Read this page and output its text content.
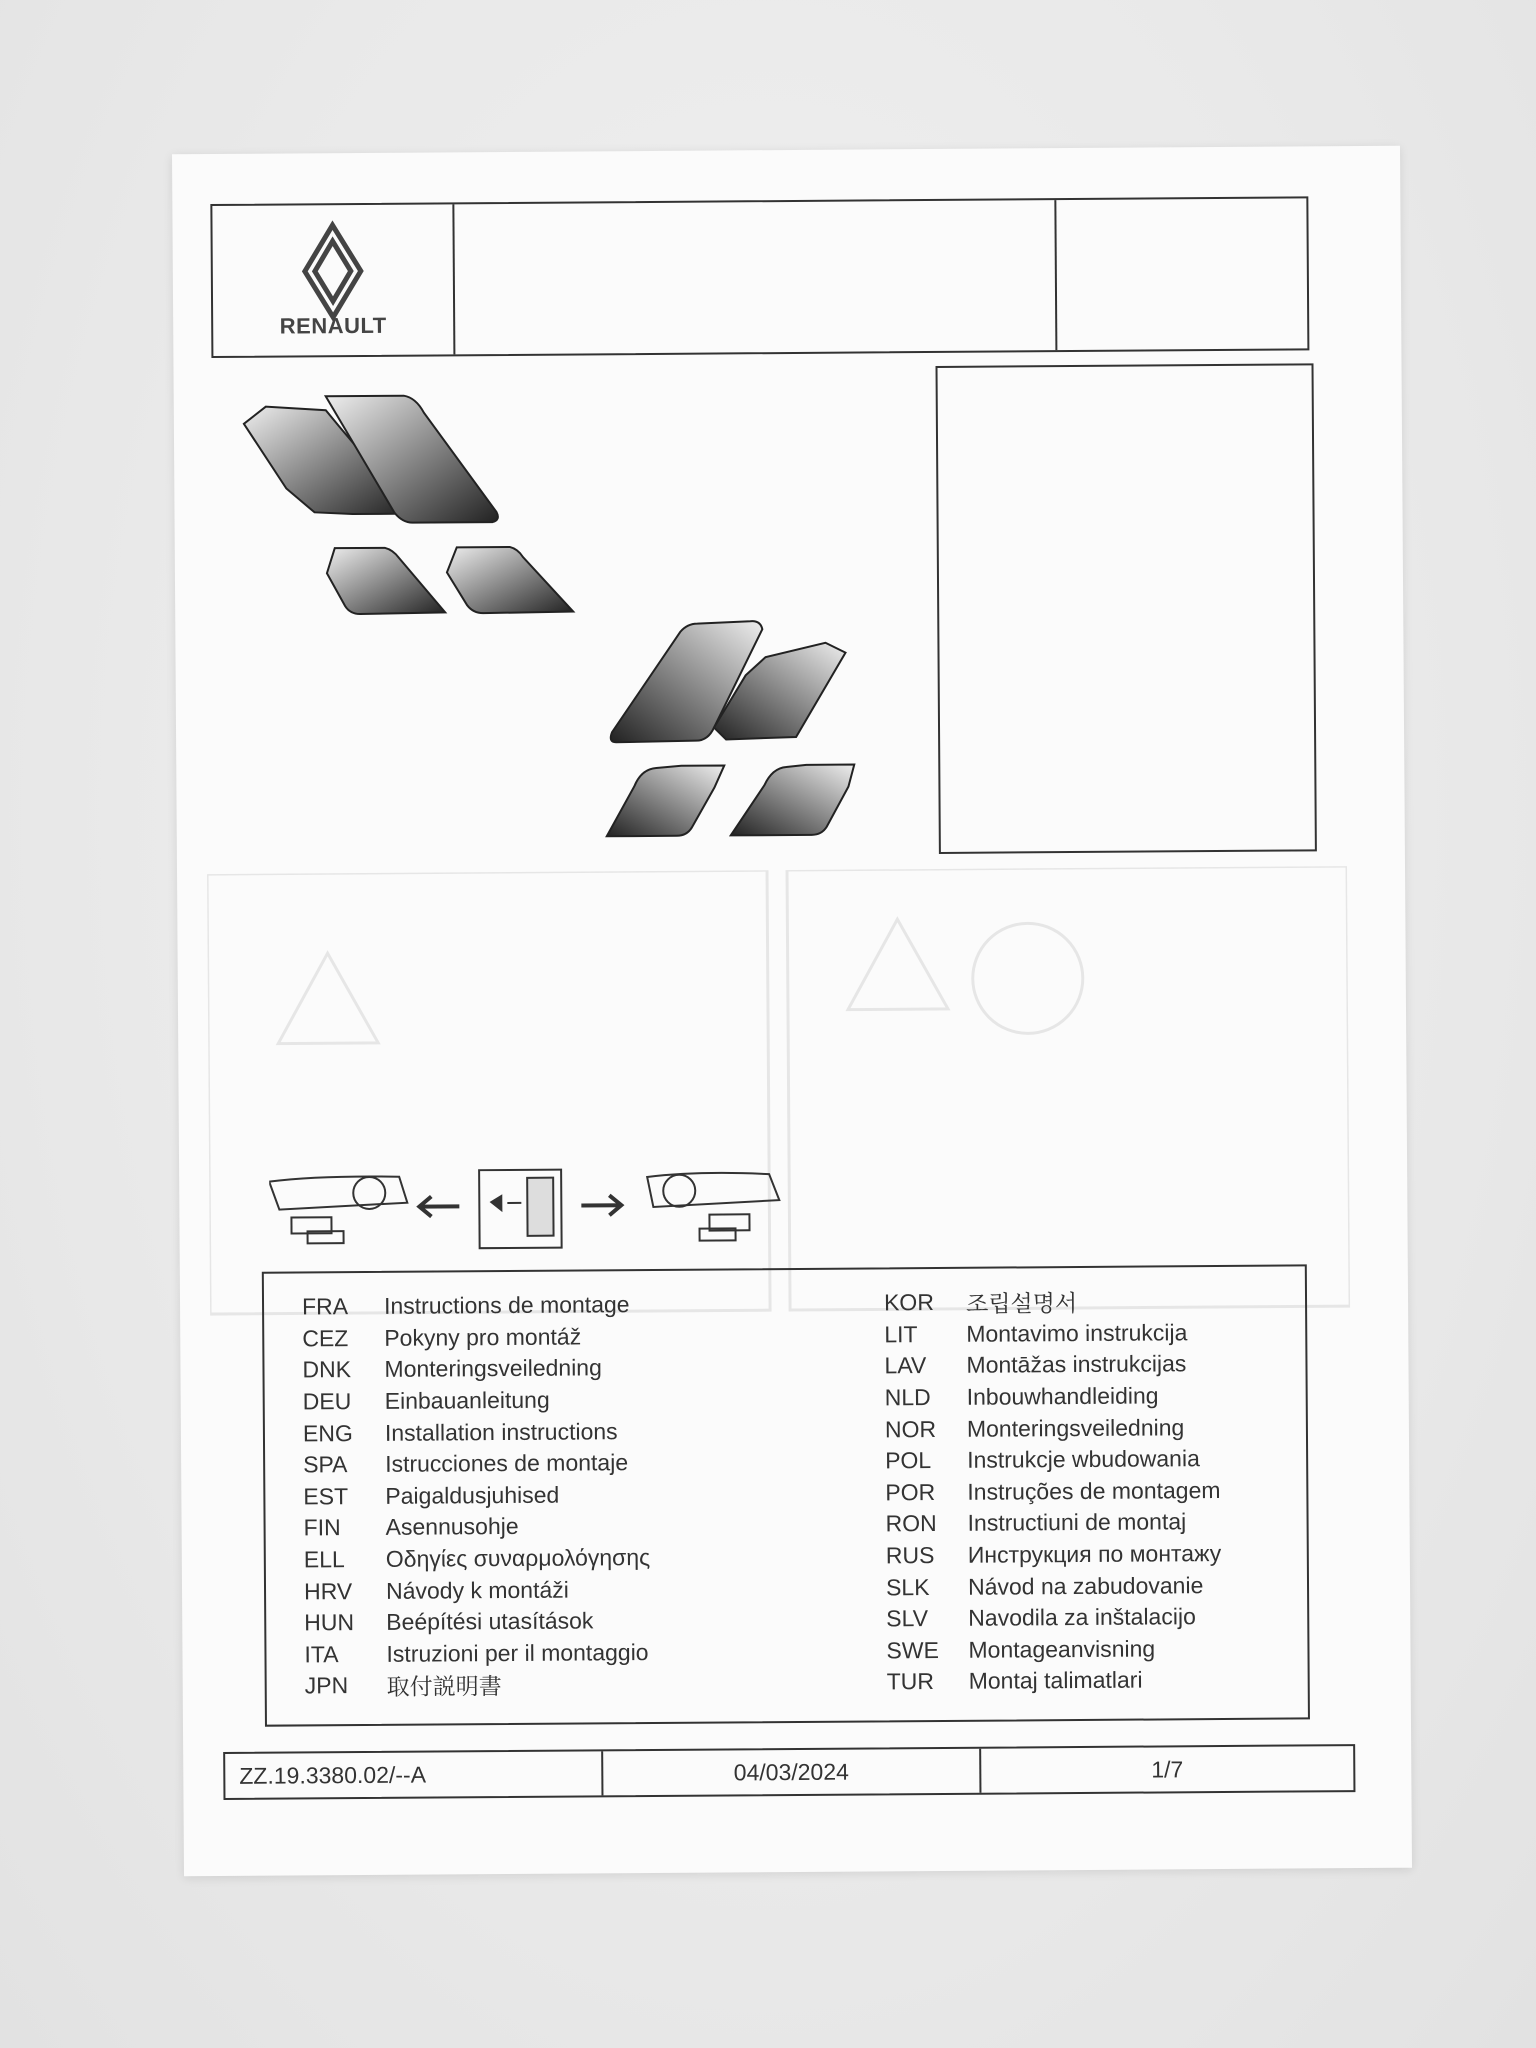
RENAULT
FRA	Instructions de montage
CEZ	Pokyny pro montáž
DNK	Monteringsveiledning
DEU	Einbauanleitung
ENG	Installation instructions
SPA	Istrucciones de montaje
EST	Paigaldusjuhised
FIN	Asennusohje
ELL	Οδηγίες συναρμολόγησης
HRV	Návody k montáži
HUN	Beépítési utasítások
ITA	Istruzioni per il montaggio
JPN	取付説明書
KOR	조립설명서
LIT	Montavimo instrukcija
LAV	Montāžas instrukcijas
NLD	Inbouwhandleiding
NOR	Monteringsveiledning
POL	Instrukcje wbudowania
POR	Instruções de montagem
RON	Instructiuni de montaj
RUS	Инструкция по монтажу
SLK	Návod na zabudovanie
SLV	Navodila za inštalacijo
SWE	Montageanvisning
TUR	Montaj talimatlari
ZZ.19.3380.02/--A	04/03/2024	1/7
